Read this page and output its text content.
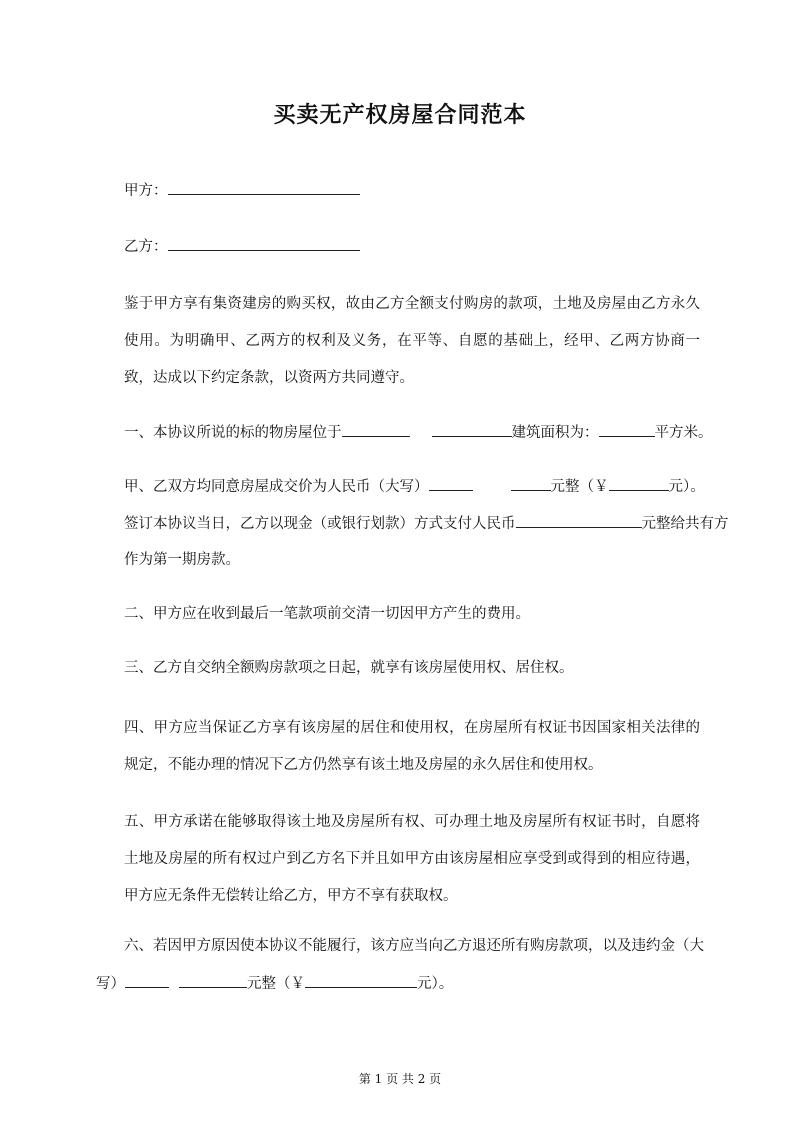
买卖无产权房屋合同范本
甲方：
乙方：
鉴于甲方享有集资建房的购买权，故由乙方全额支付购房的款项，土地及房屋由乙方永久使用。为明确甲、乙两方的权利及义务，在平等、自愿的基础上，经甲、乙两方协商一致，达成以下约定条款，以资两方共同遵守。
一、本协议所说的标的物房屋位于	建筑面积为：	平方米。
甲、乙双方均同意房屋成交价为人民币（大写）	元整（￥	元）。
签订本协议当日，乙方以现金（或银行划款）方式支付人民币	元整给共有方
作为第一期房款。
二、甲方应在收到最后一笔款项前交清一切因甲方产生的费用。
三、乙方自交纳全额购房款项之日起，就享有该房屋使用权、居住权。
四、甲方应当保证乙方享有该房屋的居住和使用权，在房屋所有权证书因国家相关法律的规定，不能办理的情况下乙方仍然享有该土地及房屋的永久居住和使用权。
五、甲方承诺在能够取得该土地及房屋所有权、可办理土地及房屋所有权证书时，自愿将土地及房屋的所有权过户到乙方名下并且如甲方由该房屋相应享受到或得到的相应待遇，甲方应无条件无偿转让给乙方，甲方不享有获取权。
六、若因甲方原因使本协议不能履行，该方应当向乙方退还所有购房款项，以及违约金（大
写）	元整（￥	元）。
第 1 页 共 2 页
